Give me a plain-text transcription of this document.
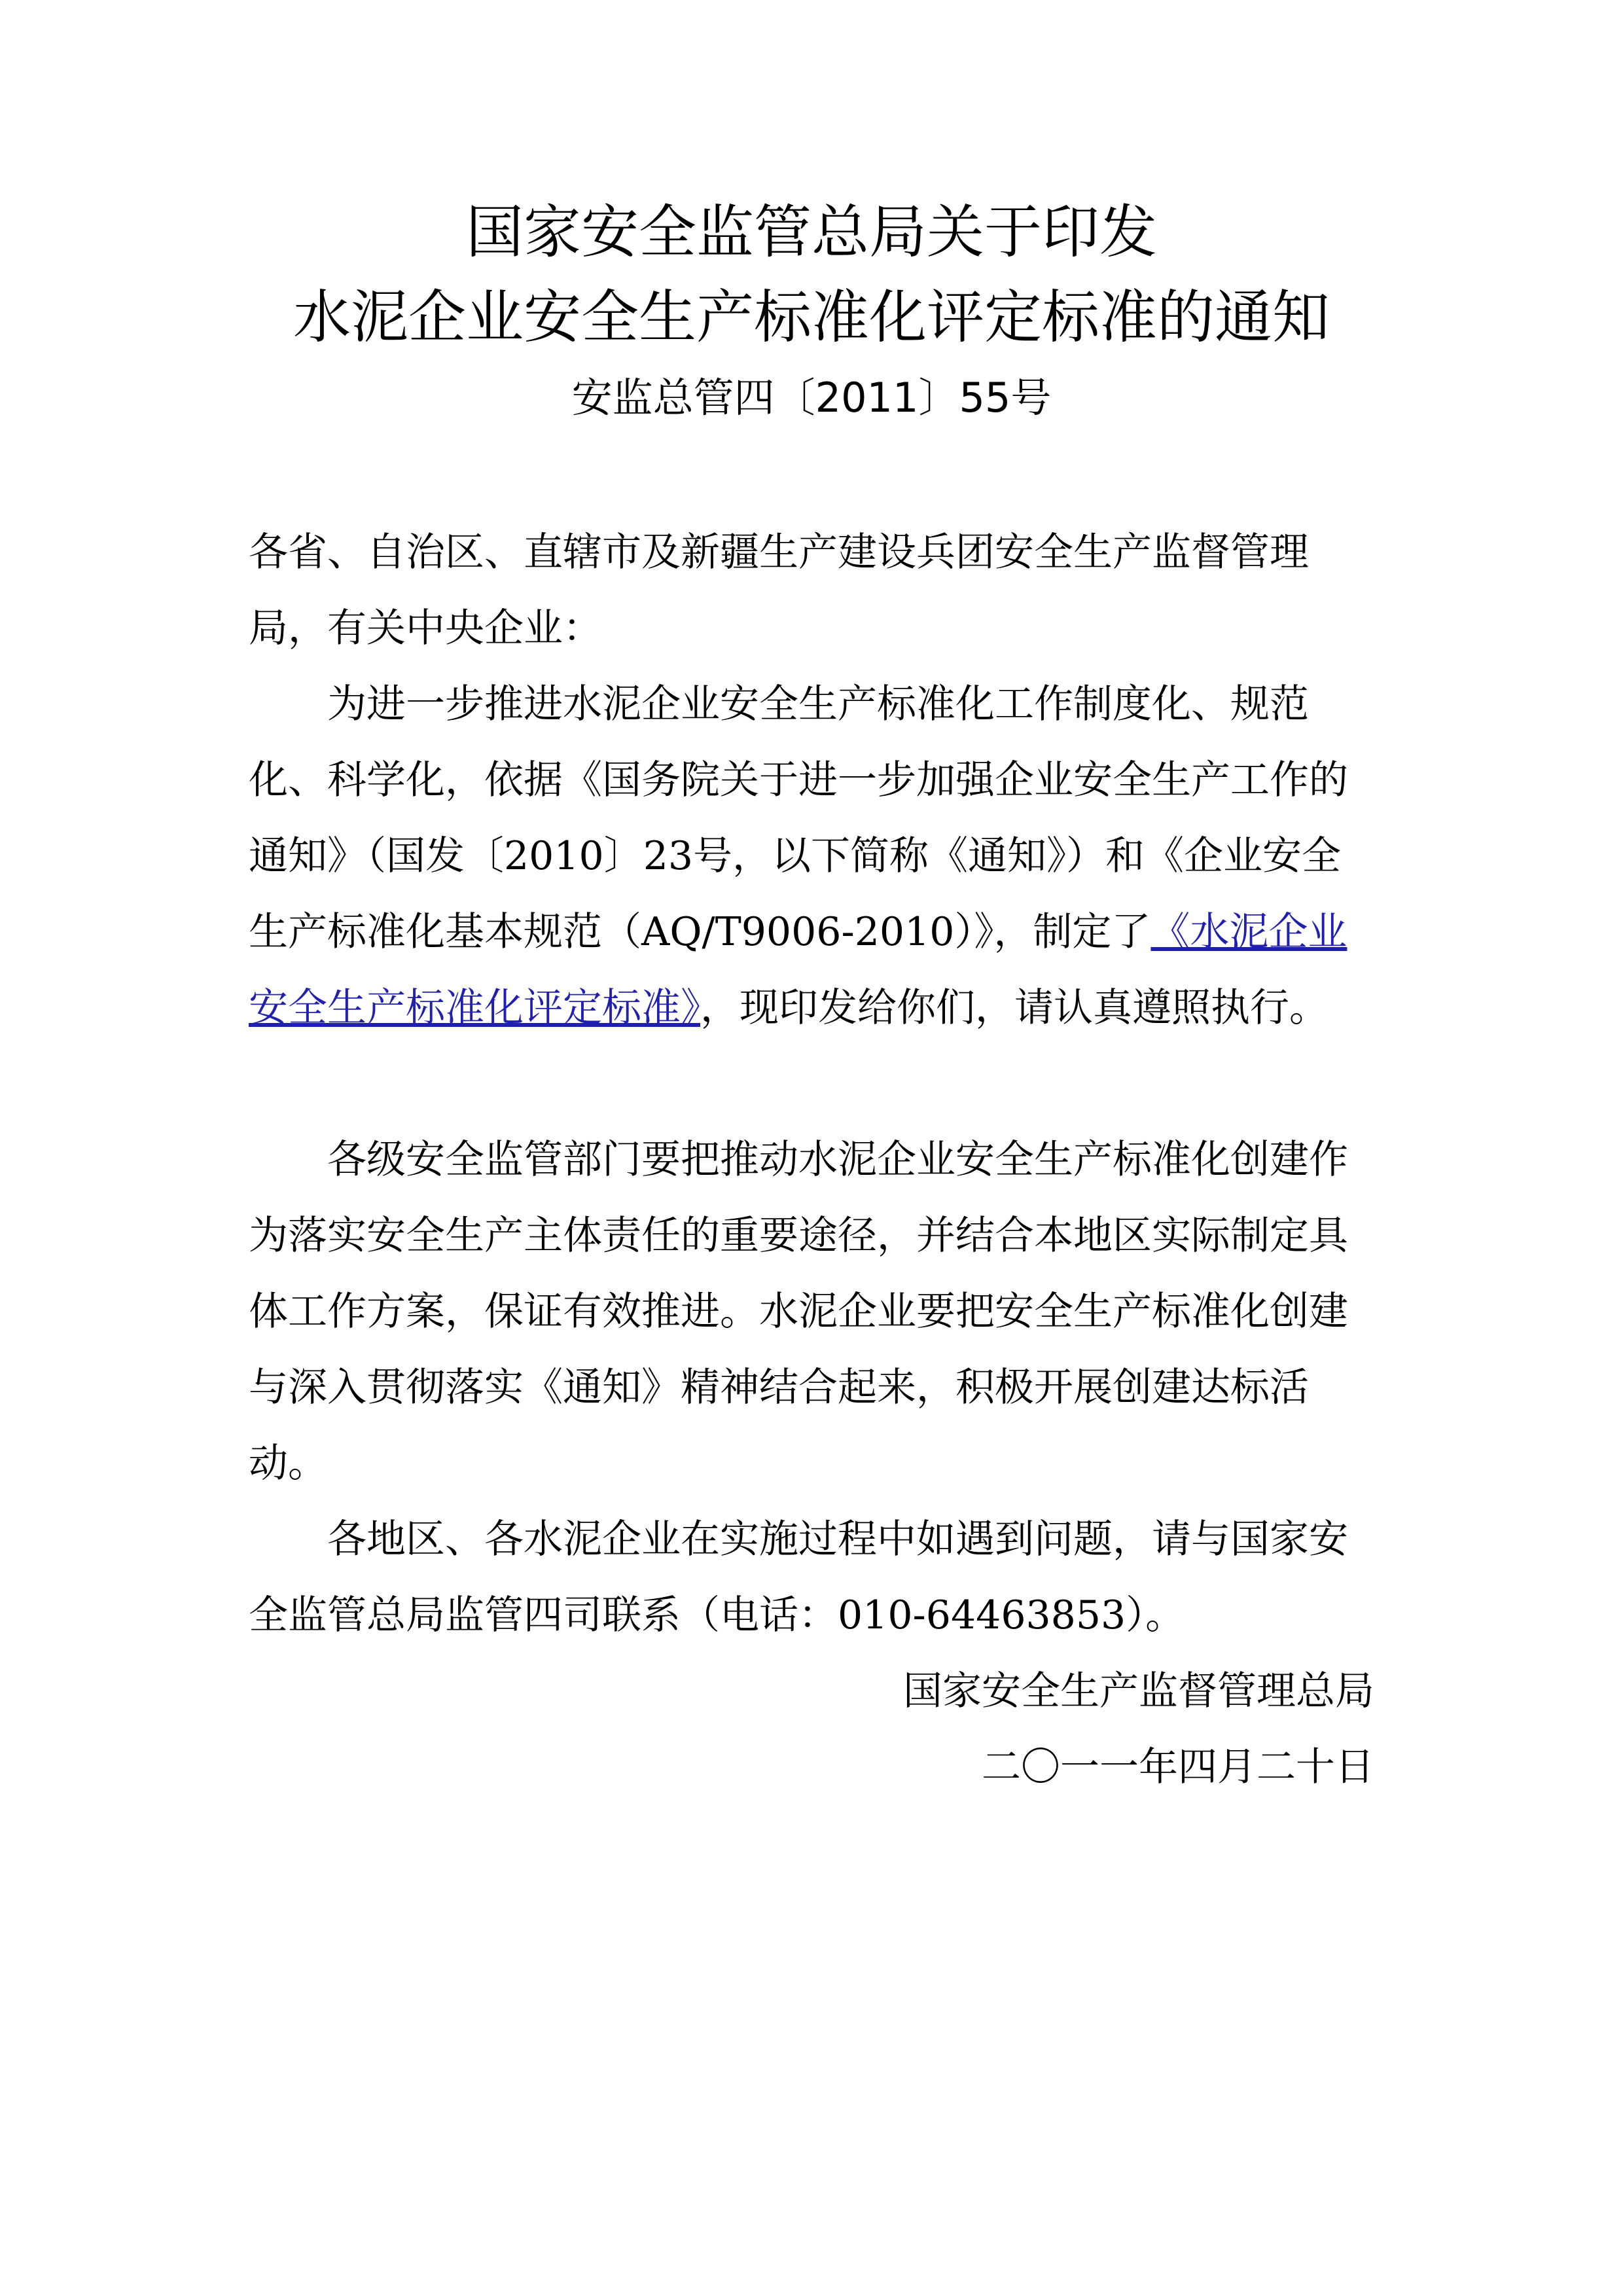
国家安全监管总局关于印发
水泥企业安全生产标准化评定标准的通知
安监总管四〔2011〕55号
各省、自治区、直辖市及新疆生产建设兵团安全生产监督管理局，有关中央企业：
为进一步推进水泥企业安全生产标准化工作制度化、规范化、科学化，依据《国务院关于进一步加强企业安全生产工作的通知》（国发〔2010〕23号，以下简称《通知》）和《企业安全生产标准化基本规范（AQ/T9006-2010）》，制定了《水泥企业安全生产标准化评定标准》，现印发给你们，请认真遵照执行。
各级安全监管部门要把推动水泥企业安全生产标准化创建作为落实安全生产主体责任的重要途径，并结合本地区实际制定具体工作方案，保证有效推进。水泥企业要把安全生产标准化创建与深入贯彻落实《通知》精神结合起来，积极开展创建达标活动。
各地区、各水泥企业在实施过程中如遇到问题，请与国家安全监管总局监管四司联系（电话：010-64463853）。
国家安全生产监督管理总局
二〇一一年四月二十日
